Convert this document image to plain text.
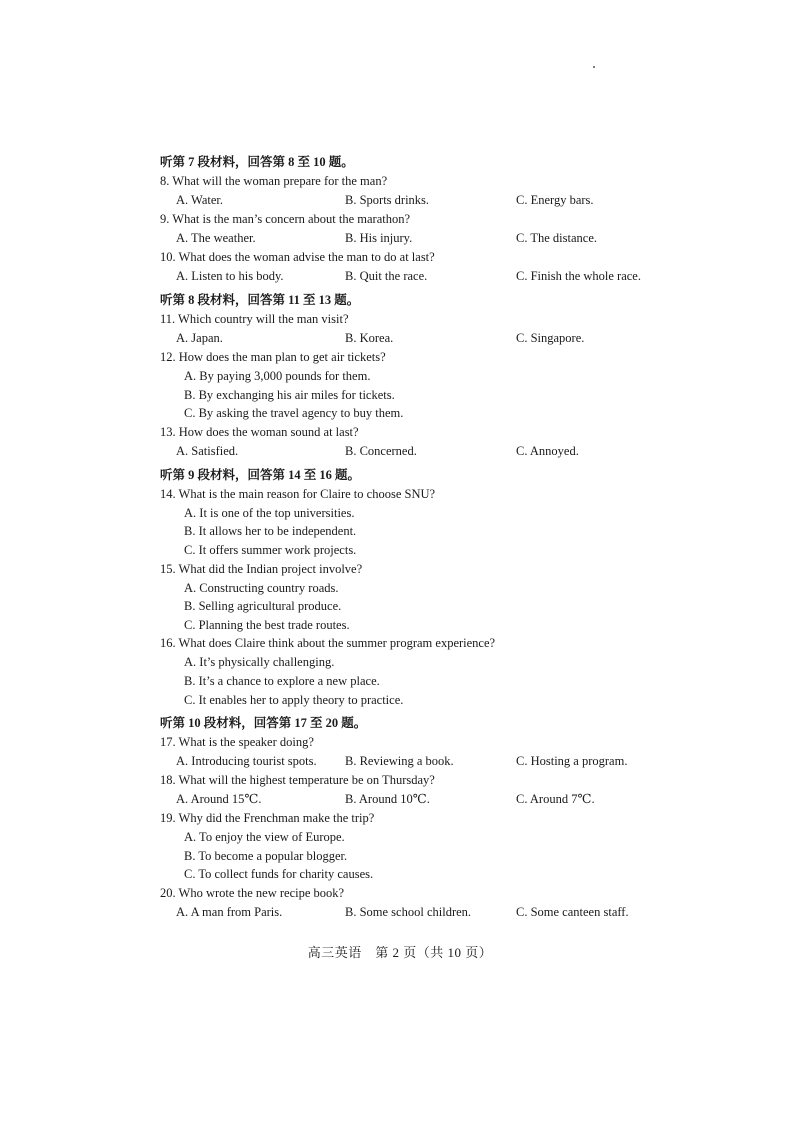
听第 7 段材料，回答第 8 至 10 题。
8. What will the woman prepare for the man?
A. Water.	B. Sports drinks.	C. Energy bars.
9. What is the man’s concern about the marathon?
A. The weather.	B. His injury.	C. The distance.
10. What does the woman advise the man to do at last?
A. Listen to his body.	B. Quit the race.	C. Finish the whole race.
听第 8 段材料，回答第 11 至 13 题。
11. Which country will the man visit?
A. Japan.	B. Korea.	C. Singapore.
12. How does the man plan to get air tickets?
A. By paying 3,000 pounds for them.
B. By exchanging his air miles for tickets.
C. By asking the travel agency to buy them.
13. How does the woman sound at last?
A. Satisfied.	B. Concerned.	C. Annoyed.
听第 9 段材料，回答第 14 至 16 题。
14. What is the main reason for Claire to choose SNU?
A. It is one of the top universities.
B. It allows her to be independent.
C. It offers summer work projects.
15. What did the Indian project involve?
A. Constructing country roads.
B. Selling agricultural produce.
C. Planning the best trade routes.
16. What does Claire think about the summer program experience?
A. It’s physically challenging.
B. It’s a chance to explore a new place.
C. It enables her to apply theory to practice.
听第 10 段材料，回答第 17 至 20 题。
17. What is the speaker doing?
A. Introducing tourist spots. B. Reviewing a book.	C. Hosting a program.
18. What will the highest temperature be on Thursday?
A. Around 15℃.	B. Around 10℃.	C. Around 7℃.
19. Why did the Frenchman make the trip?
A. To enjoy the view of Europe.
B. To become a popular blogger.
C. To collect funds for charity causes.
20. Who wrote the new recipe book?
A. A man from Paris.	B. Some school children.	C. Some canteen staff.
高三英语　第 2 页（共 10 页）
